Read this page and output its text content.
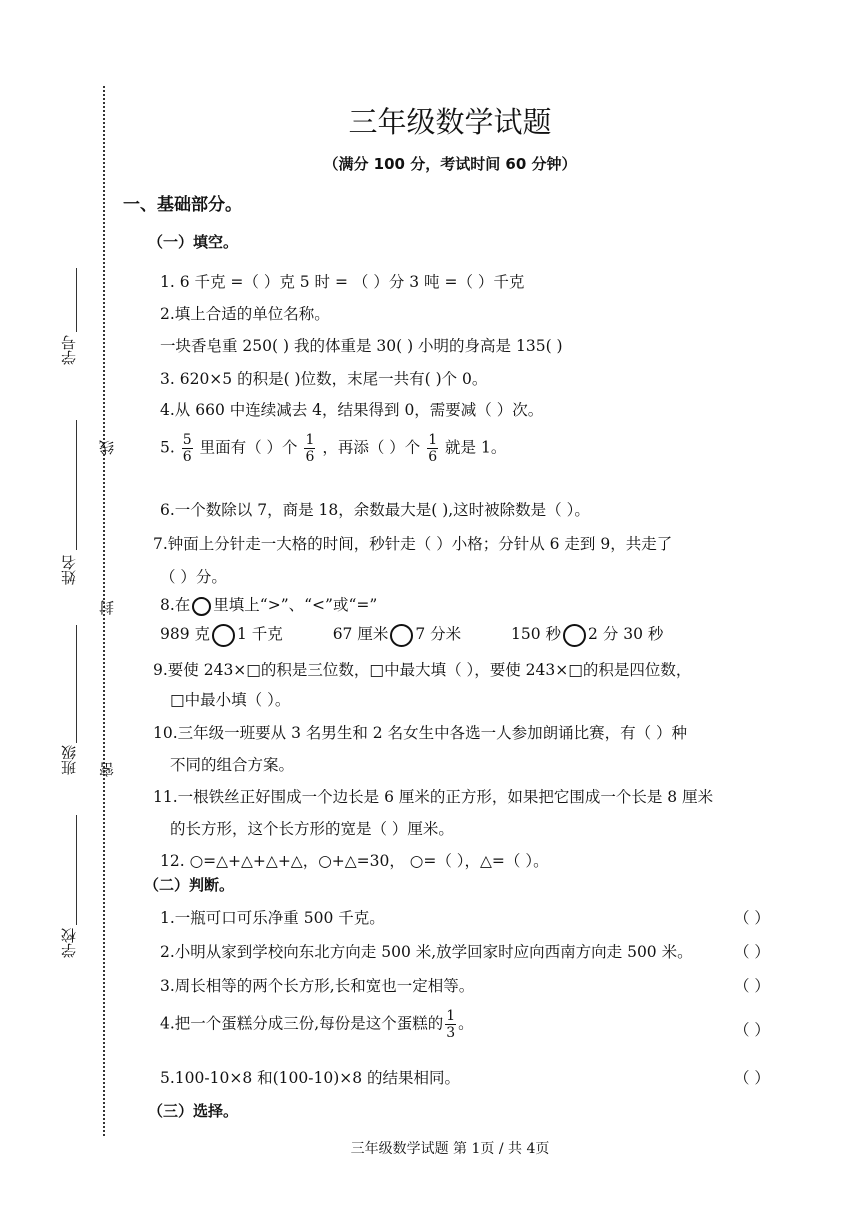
学号
姓名
班级
学校
线
封
密
三年级数学试题
（满分 100 分，考试时间 60 分钟）
一、基础部分。
（一）填空。
1. 6 千克 =（ ）克 5 时 = （ ）分 3 吨 =（ ）千克
2.填上合适的单位名称。
一块香皂重 250( ) 我的体重是 30( ) 小明的身高是 135( )
3. 620×5 的积是( )位数，末尾一共有( )个 0。
4.从 660 中连续减去 4，结果得到 0，需要减（ ）次。
5. $\frac{5}{6}$ 里面有（ ）个 $\frac{1}{6}$ ，再添（ ）个 $\frac{1}{6}$ 就是 1。
6.一个数除以 7，商是 18，余数最大是( ),这时被除数是（ ）。
7.钟面上分针走一大格的时间，秒针走（ ）小格；分针从 6 走到 9，共走了
（ ）分。
8.在 里填上“>”、“<”或“=”
989 克 1 千克	67 厘米 7 分米	150 秒 2 分 30 秒
9.要使 243×□的积是三位数，□中最大填（ ），要使 243×□的积是四位数，
□中最小填（ ）。
10.三年级一班要从 3 名男生和 2 名女生中各选一人参加朗诵比赛，有（ ）种
不同的组合方案。
11.一根铁丝正好围成一个边长是 6 厘米的正方形，如果把它围成一个长是 8 厘米
的长方形，这个长方形的宽是（ ）厘米。
12. ○=△+△+△+△，○+△=30， ○=（ ），△=（ ）。
（二）判断。
1.一瓶可口可乐净重 500 千克。	（ ）
2.小明从家到学校向东北方向走 500 米,放学回家时应向西南方向走 500 米。	（ ）
3.周长相等的两个长方形,长和宽也一定相等。	（ ）
4.把一个蛋糕分成三份,每份是这个蛋糕的 $\frac{1}{3}$ 。	（ ）
5.100-10×8 和(100-10)×8 的结果相同。	（ ）
（三）选择。
三年级数学试题 第 1页 / 共 4页
